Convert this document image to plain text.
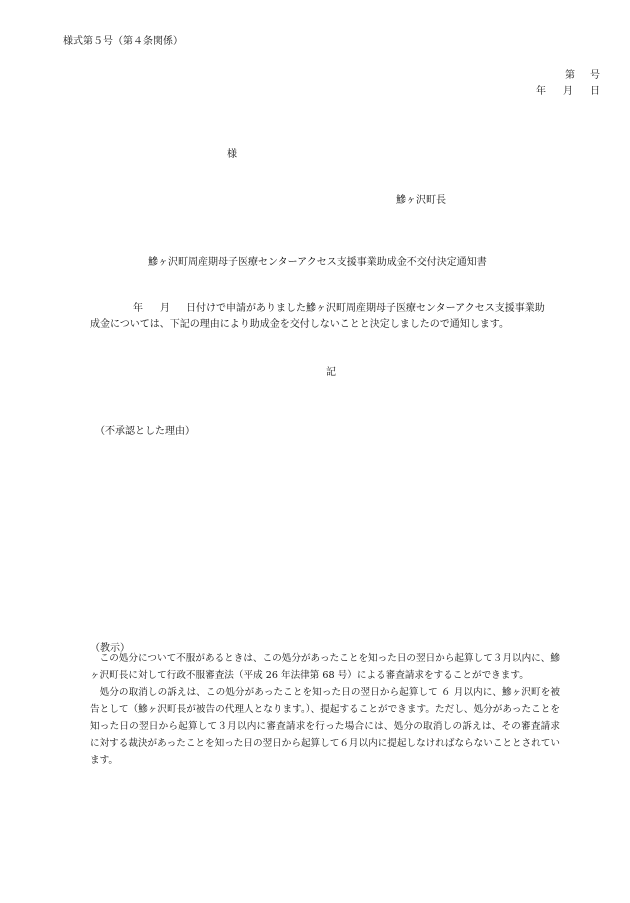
様式第５号（第４条関係）
第 号
年 月 日
様
鰺ヶ沢町長
鰺ヶ沢町周産期母子医療センターアクセス支援事業助成金不交付決定通知書
年 月 日付けで申請がありました鰺ヶ沢町周産期母子医療センターアクセス支援事業助
成金については、下記の理由により助成金を交付しないことと決定しましたので通知します。
記
（不承認とした理由）
（教示）

この処分について不服があるときは、この処分があったことを知った日の翌日から起算して３月以内に、鰺ヶ沢町長に対して行政不服審査法（平成 26 年法律第 68 号）による審査請求をすることができます。

処分の取消しの訴えは、この処分があったことを知った日の翌日から起算して ６ 月以内に、鰺ヶ沢町を被告として（鰺ヶ沢町長が被告の代理人となります。）、提起することができます。ただし、処分があったことを知った日の翌日から起算して３月以内に審査請求を行った場合には、処分の取消しの訴えは、その審査請求に対する裁決があったことを知った日の翌日から起算して６月以内に提起しなければならないこととされています。
